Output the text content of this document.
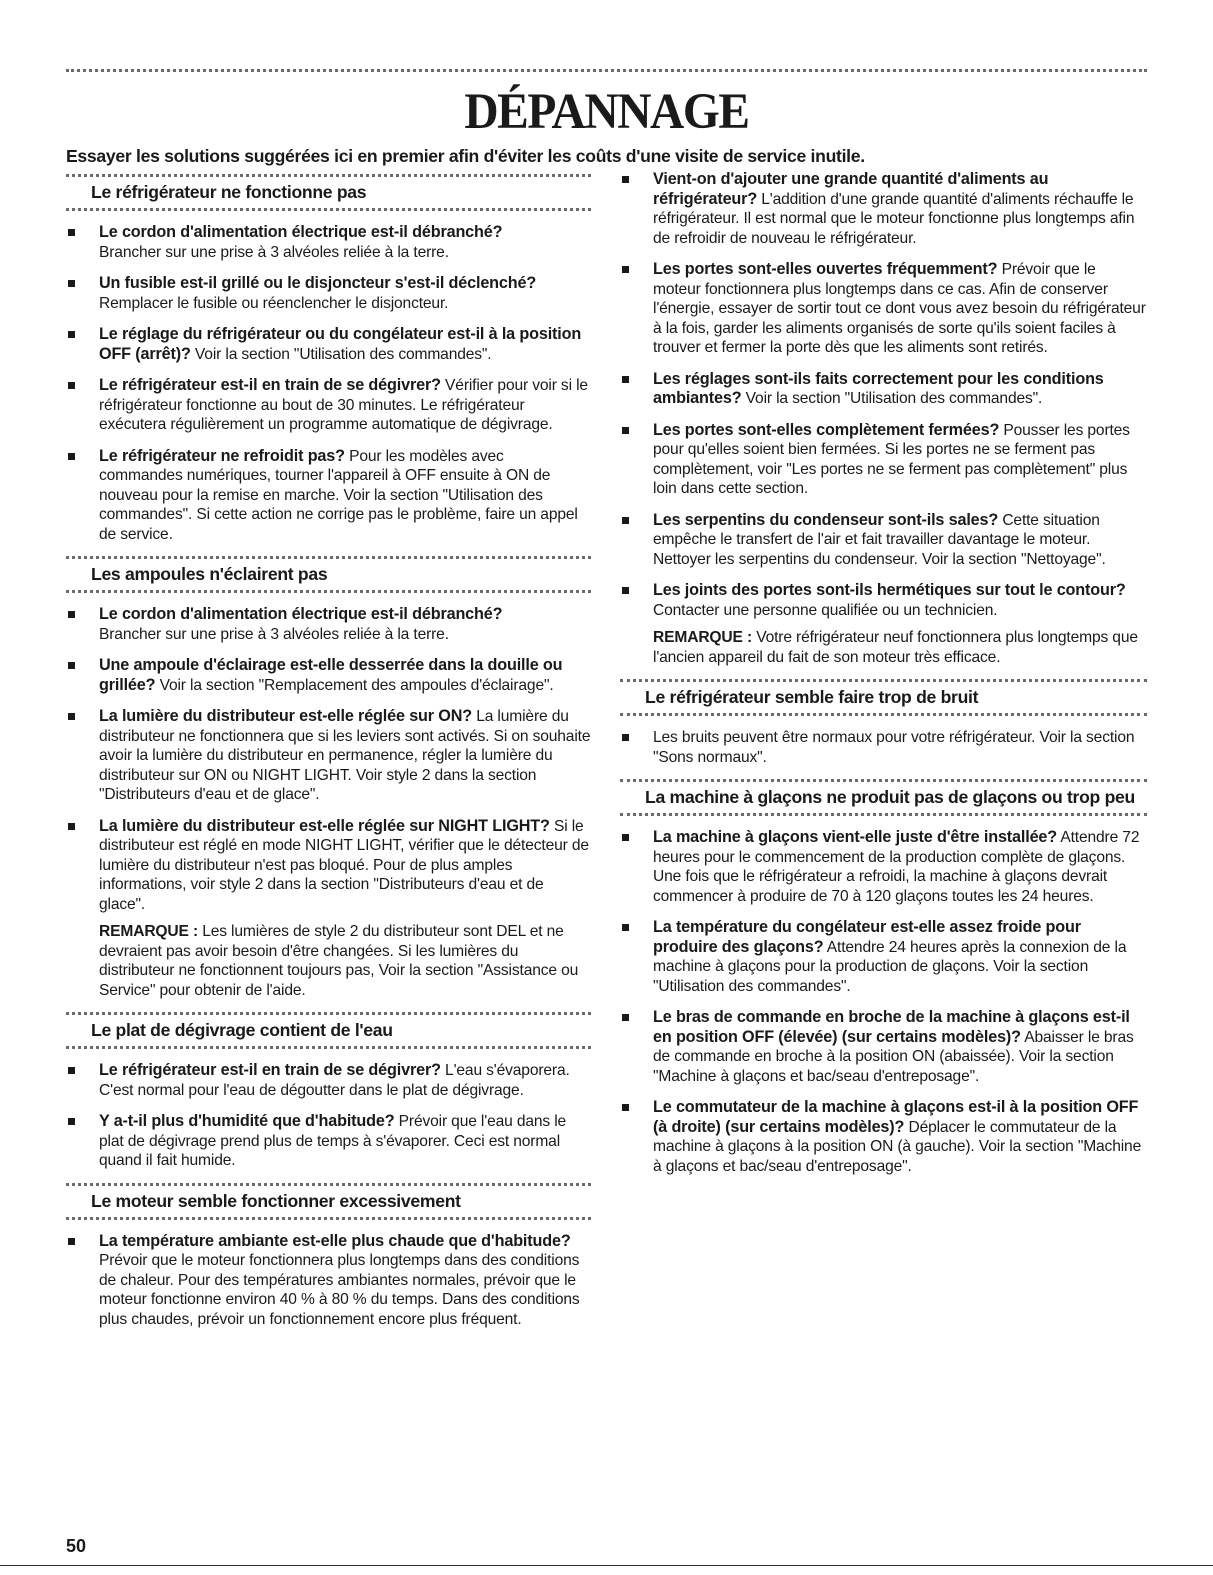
DÉPANNAGE

Essayer les solutions suggérées ici en premier afin d'éviter les coûts d'une visite de service inutile.

Le réfrigérateur ne fonctionne pas
Le cordon d'alimentation électrique est-il débranché?
Brancher sur une prise à 3 alvéoles reliée à la terre.
Un fusible est-il grillé ou le disjoncteur s'est-il déclenché?
Remplacer le fusible ou réenclencher le disjoncteur.
Le réglage du réfrigérateur ou du congélateur est-il à la position OFF (arrêt)? Voir la section "Utilisation des commandes".
Le réfrigérateur est-il en train de se dégivrer? Vérifier pour voir si le réfrigérateur fonctionne au bout de 30 minutes. Le réfrigérateur exécutera régulièrement un programme automatique de dégivrage.
Le réfrigérateur ne refroidit pas? Pour les modèles avec commandes numériques, tourner l'appareil à OFF ensuite à ON de nouveau pour la remise en marche. Voir la section "Utilisation des commandes". Si cette action ne corrige pas le problème, faire un appel de service.
Les ampoules n'éclairent pas
Le cordon d'alimentation électrique est-il débranché?
Brancher sur une prise à 3 alvéoles reliée à la terre.
Une ampoule d'éclairage est-elle desserrée dans la douille ou grillée? Voir la section "Remplacement des ampoules d'éclairage".
La lumière du distributeur est-elle réglée sur ON? La lumière du distributeur ne fonctionnera que si les leviers sont activés. Si on souhaite avoir la lumière du distributeur en permanence, régler la lumière du distributeur sur ON ou NIGHT LIGHT. Voir style 2 dans la section "Distributeurs d'eau et de glace".
La lumière du distributeur est-elle réglée sur NIGHT LIGHT? Si le distributeur est réglé en mode NIGHT LIGHT, vérifier que le détecteur de lumière du distributeur n'est pas bloqué. Pour de plus amples informations, voir style 2 dans la section "Distributeurs d'eau et de glace".

REMARQUE : Les lumières de style 2 du distributeur sont DEL et ne devraient pas avoir besoin d'être changées. Si les lumières du distributeur ne fonctionnent toujours pas, Voir la section "Assistance ou Service" pour obtenir de l'aide.

Le plat de dégivrage contient de l'eau
Le réfrigérateur est-il en train de se dégivrer? L'eau s'évaporera. C'est normal pour l'eau de dégoutter dans le plat de dégivrage.
Y a-t-il plus d'humidité que d'habitude? Prévoir que l'eau dans le plat de dégivrage prend plus de temps à s'évaporer. Ceci est normal quand il fait humide.
Le moteur semble fonctionner excessivement
La température ambiante est-elle plus chaude que d'habitude? Prévoir que le moteur fonctionnera plus longtemps dans des conditions de chaleur. Pour des températures ambiantes normales, prévoir que le moteur fonctionne environ 40 % à 80 % du temps. Dans des conditions plus chaudes, prévoir un fonctionnement encore plus fréquent.
Vient-on d'ajouter une grande quantité d'aliments au réfrigérateur? L'addition d'une grande quantité d'aliments réchauffe le réfrigérateur. Il est normal que le moteur fonctionne plus longtemps afin de refroidir de nouveau le réfrigérateur.
Les portes sont-elles ouvertes fréquemment? Prévoir que le moteur fonctionnera plus longtemps dans ce cas. Afin de conserver l'énergie, essayer de sortir tout ce dont vous avez besoin du réfrigérateur à la fois, garder les aliments organisés de sorte qu'ils soient faciles à trouver et fermer la porte dès que les aliments sont retirés.
Les réglages sont-ils faits correctement pour les conditions ambiantes? Voir la section "Utilisation des commandes".
Les portes sont-elles complètement fermées? Pousser les portes pour qu'elles soient bien fermées. Si les portes ne se ferment pas complètement, voir "Les portes ne se ferment pas complètement" plus loin dans cette section.
Les serpentins du condenseur sont-ils sales? Cette situation empêche le transfert de l'air et fait travailler davantage le moteur. Nettoyer les serpentins du condenseur. Voir la section "Nettoyage".
Les joints des portes sont-ils hermétiques sur tout le contour? Contacter une personne qualifiée ou un technicien.

REMARQUE : Votre réfrigérateur neuf fonctionnera plus longtemps que l'ancien appareil du fait de son moteur très efficace.

Le réfrigérateur semble faire trop de bruit
Les bruits peuvent être normaux pour votre réfrigérateur. Voir la section "Sons normaux".
La machine à glaçons ne produit pas de glaçons ou trop peu
La machine à glaçons vient-elle juste d'être installée? Attendre 72 heures pour le commencement de la production complète de glaçons. Une fois que le réfrigérateur a refroidi, la machine à glaçons devrait commencer à produire de 70 à 120 glaçons toutes les 24 heures.
La température du congélateur est-elle assez froide pour produire des glaçons? Attendre 24 heures après la connexion de la machine à glaçons pour la production de glaçons. Voir la section "Utilisation des commandes".
Le bras de commande en broche de la machine à glaçons est-il en position OFF (élevée) (sur certains modèles)? Abaisser le bras de commande en broche à la position ON (abaissée). Voir la section "Machine à glaçons et bac/seau d'entreposage".
Le commutateur de la machine à glaçons est-il à la position OFF (à droite) (sur certains modèles)? Déplacer le commutateur de la machine à glaçons à la position ON (à gauche). Voir la section "Machine à glaçons et bac/seau d'entreposage".

50
